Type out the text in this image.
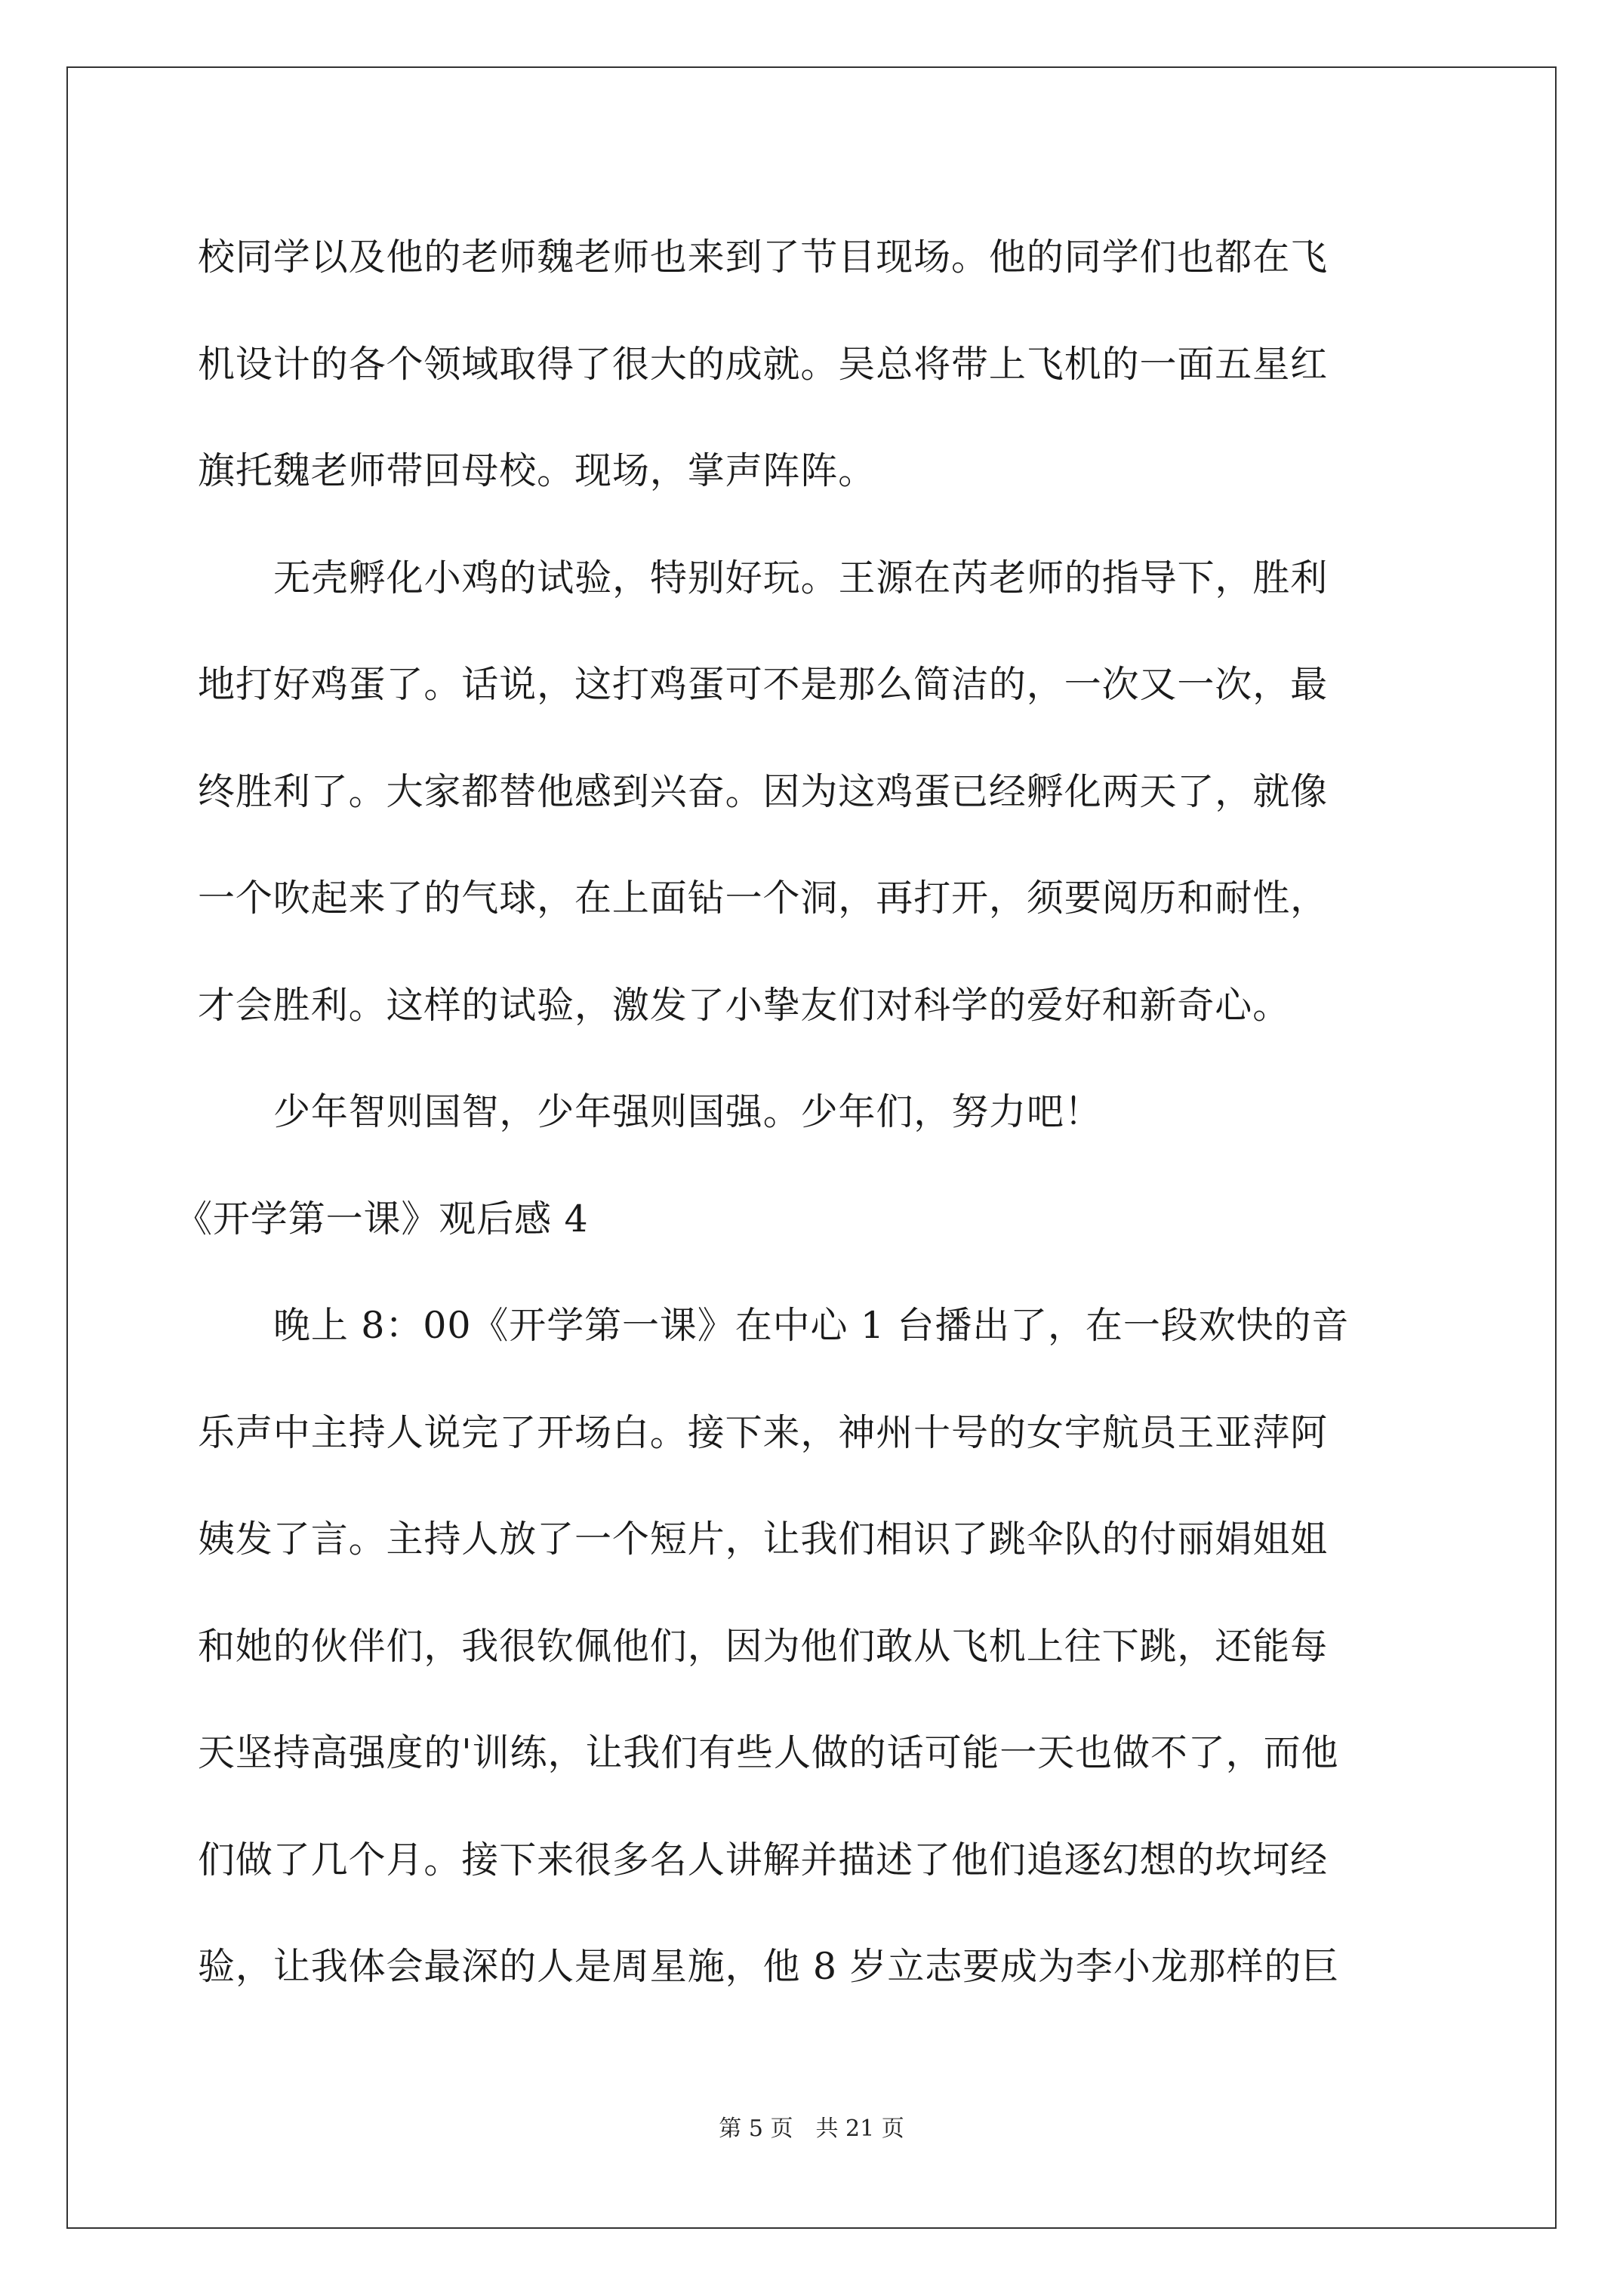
校同学以及他的老师魏老师也来到了节目现场。他的同学们也都在飞
机设计的各个领域取得了很大的成就。吴总将带上飞机的一面五星红
旗托魏老师带回母校。现场，掌声阵阵。
无壳孵化小鸡的试验，特别好玩。王源在芮老师的指导下，胜利
地打好鸡蛋了。话说，这打鸡蛋可不是那么简洁的，一次又一次，最
终胜利了。大家都替他感到兴奋。因为这鸡蛋已经孵化两天了，就像
一个吹起来了的气球，在上面钻一个洞，再打开，须要阅历和耐性，
才会胜利。这样的试验，激发了小挚友们对科学的爱好和新奇心。
少年智则国智，少年强则国强。少年们，努力吧！
《开学第一课》观后感 4
晚上 8：00《开学第一课》在中心 1 台播出了，在一段欢快的音
乐声中主持人说完了开场白。接下来，神州十号的女宇航员王亚萍阿
姨发了言。主持人放了一个短片，让我们相识了跳伞队的付丽娟姐姐
和她的伙伴们，我很钦佩他们，因为他们敢从飞机上往下跳，还能每
天坚持高强度的'训练，让我们有些人做的话可能一天也做不了，而他
们做了几个月。接下来很多名人讲解并描述了他们追逐幻想的坎坷经
验，让我体会最深的人是周星施，他 8 岁立志要成为李小龙那样的巨
第 5 页　共 21 页
